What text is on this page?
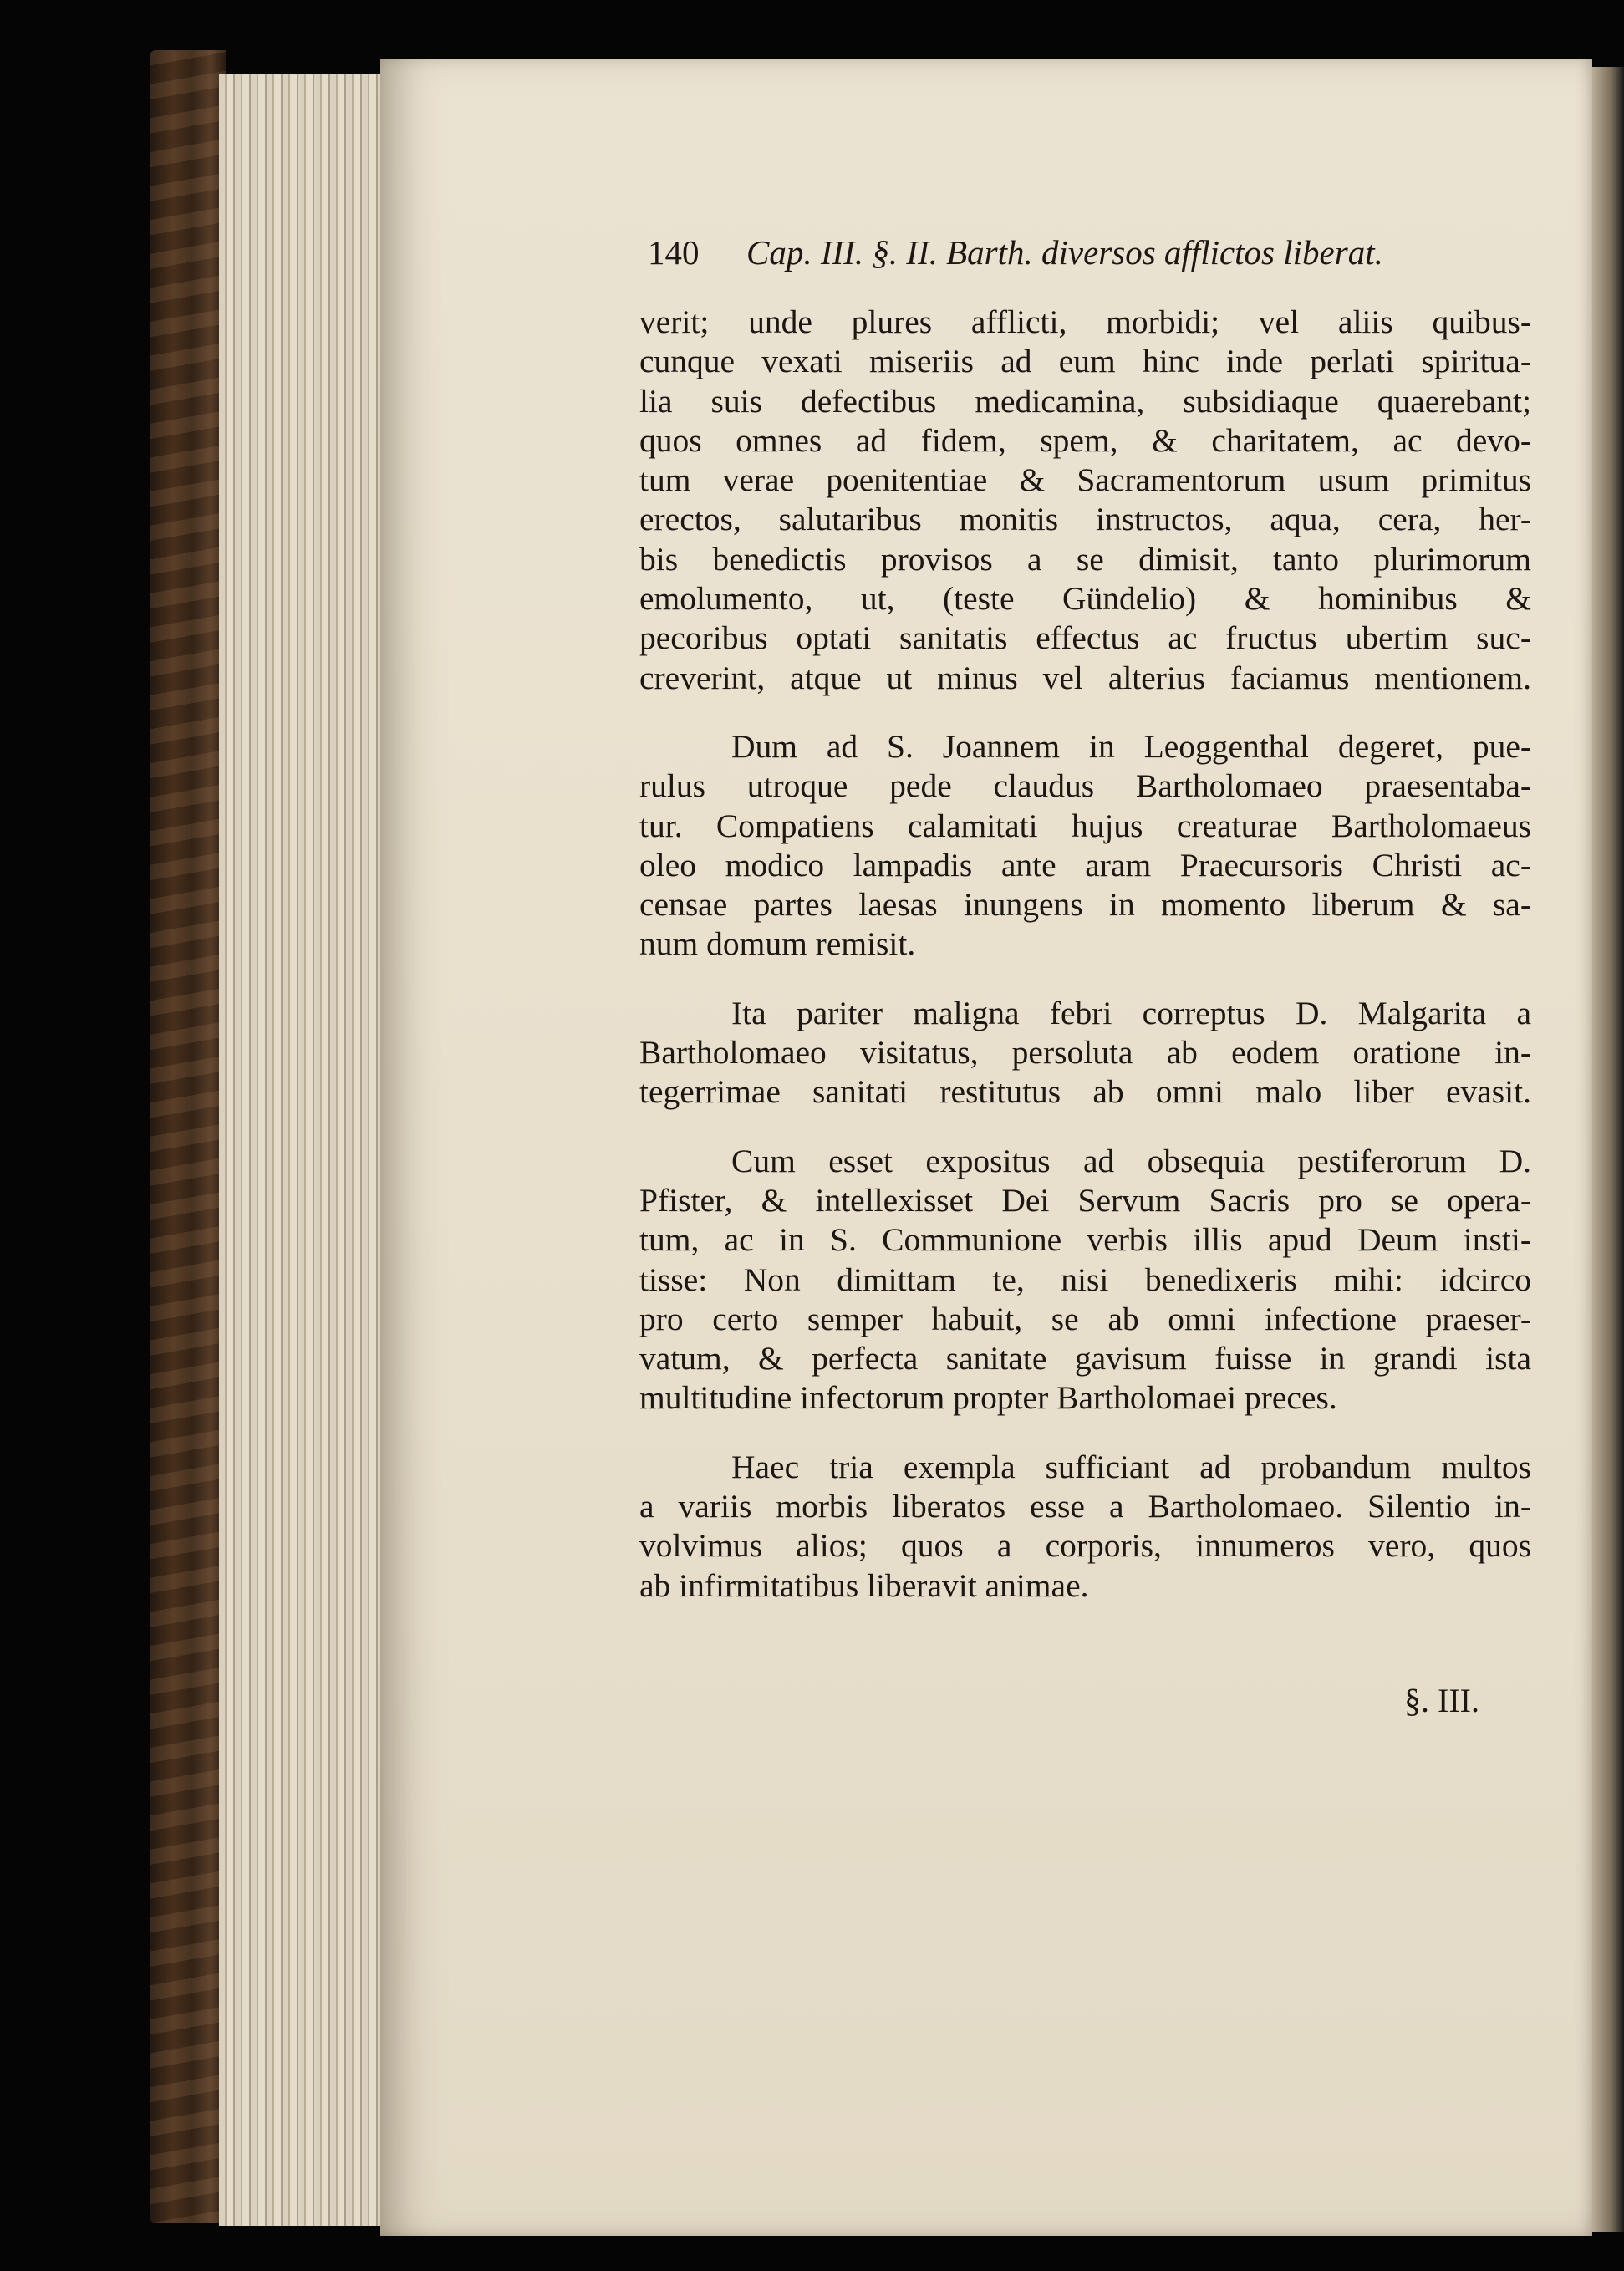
140 Cap. III. §. II. Barth. diversos afflictos liberat.
verit; unde plures afflicti, morbidi; vel aliis quibus-
cunque vexati miseriis ad eum hinc inde perlati spiritua-
lia suis defectibus medicamina, subsidiaque quaerebant;
quos omnes ad fidem, spem, & charitatem, ac devo-
tum verae poenitentiae & Sacramentorum usum primitus
erectos, salutaribus monitis instructos, aqua, cera, her-
bis benedictis provisos a se dimisit, tanto plurimorum
emolumento, ut, (teste Gündelio) & hominibus &
pecoribus optati sanitatis effectus ac fructus ubertim suc-
creverint, atque ut minus vel alterius faciamus mentionem.
Dum ad S. Joannem in Leoggenthal degeret, pue-
rulus utroque pede claudus Bartholomaeo praesentaba-
tur. Compatiens calamitati hujus creaturae Bartholomaeus
oleo modico lampadis ante aram Praecursoris Christi ac-
censae partes laesas inungens in momento liberum & sa-
num domum remisit.
Ita pariter maligna febri correptus D. Malgarita a
Bartholomaeo visitatus, persoluta ab eodem oratione in-
tegerrimae sanitati restitutus ab omni malo liber evasit.
Cum esset expositus ad obsequia pestiferorum D.
Pfister, & intellexisset Dei Servum Sacris pro se opera-
tum, ac in S. Communione verbis illis apud Deum insti-
tisse: Non dimittam te, nisi benedixeris mihi: idcirco
pro certo semper habuit, se ab omni infectione praeser-
vatum, & perfecta sanitate gavisum fuisse in grandi ista
multitudine infectorum propter Bartholomaei preces.
Haec tria exempla sufficiant ad probandum multos
a variis morbis liberatos esse a Bartholomaeo. Silentio in-
volvimus alios; quos a corporis, innumeros vero, quos
ab infirmitatibus liberavit animae.
§. III.
